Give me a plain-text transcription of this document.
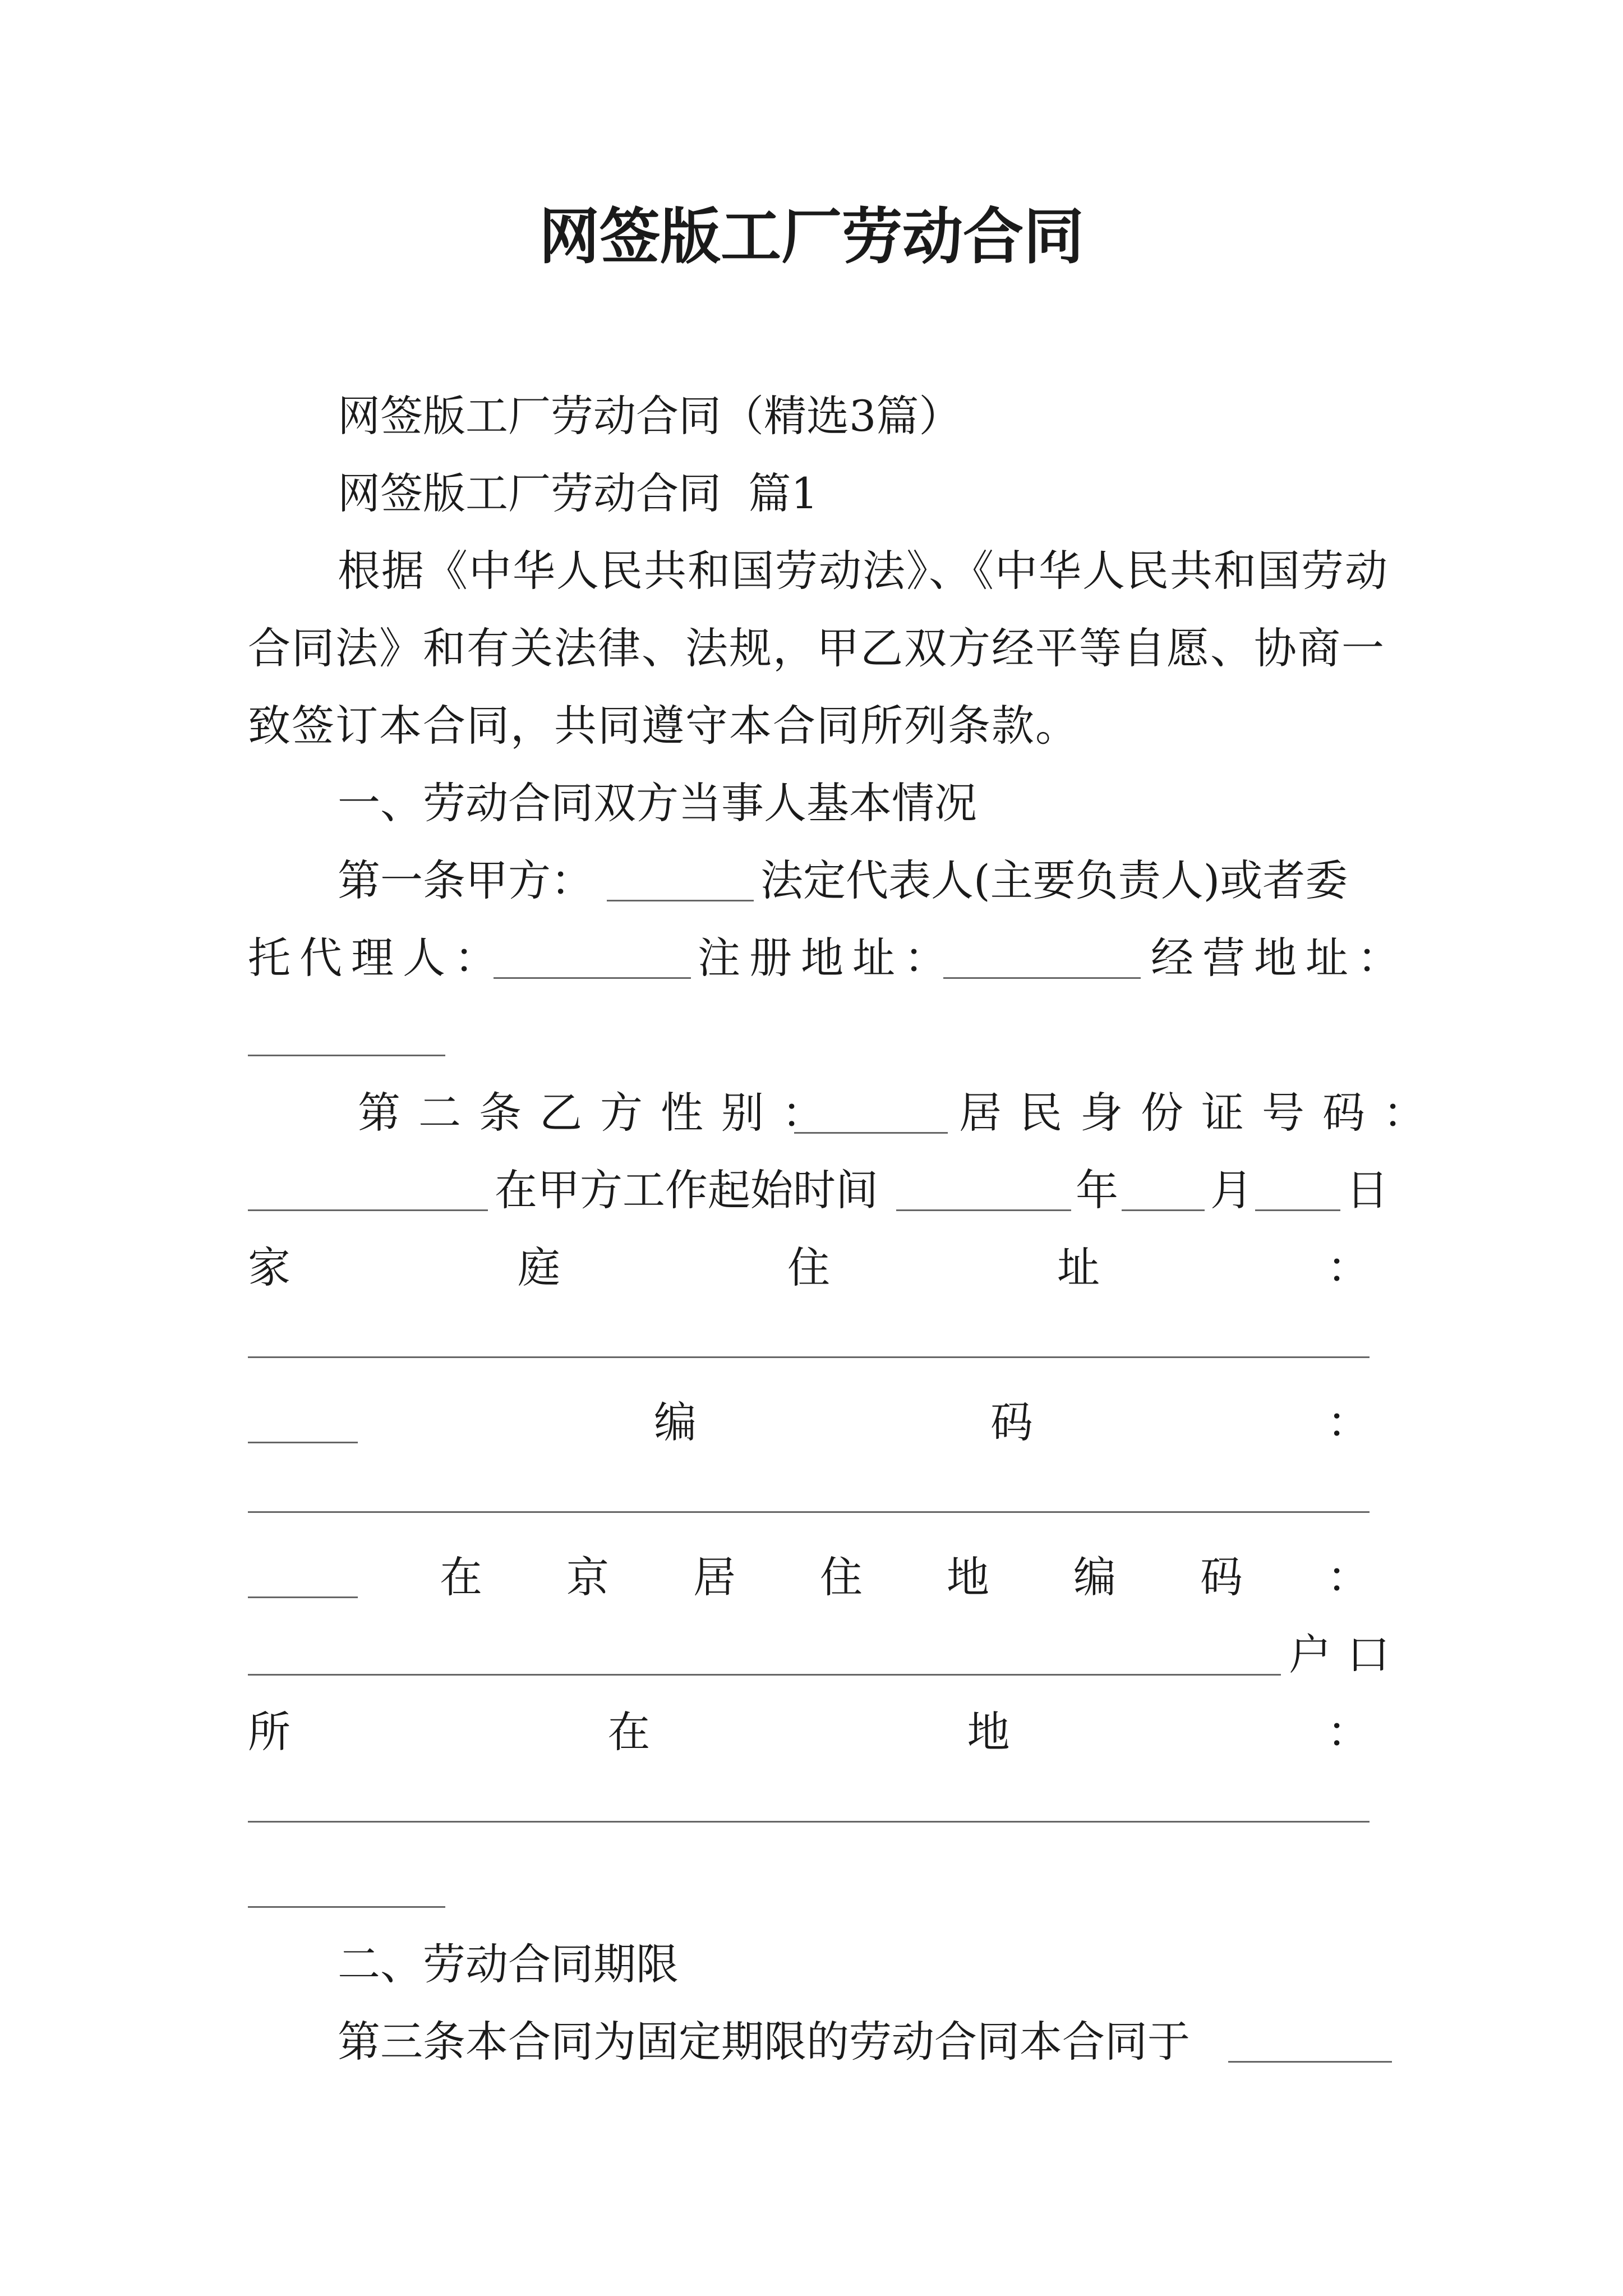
网签版工厂劳动合同
网签版工厂劳动合同（精选3篇）
网签版工厂劳动合同  篇1
根据《中华人民共和国劳动法》、《中华人民共和国劳动
合同法》和有关法律、法规，甲乙双方经平等自愿、协商一
致签订本合同，共同遵守本合同所列条款。
一、劳动合同双方当事人基本情况
第一条甲方：	法定代表人(主要负责人)或者委
托代理人：	注册地址：	经营地址：
第二条乙方性别：	居民身份证号码：
在甲方工作起始时间	年 月 日
家	庭	住	址	：
编	码	：
在 京 居 住 地 编 码 ：
户口
所	在	地	：
二、劳动合同期限
第三条本合同为固定期限的劳动合同本合同于
